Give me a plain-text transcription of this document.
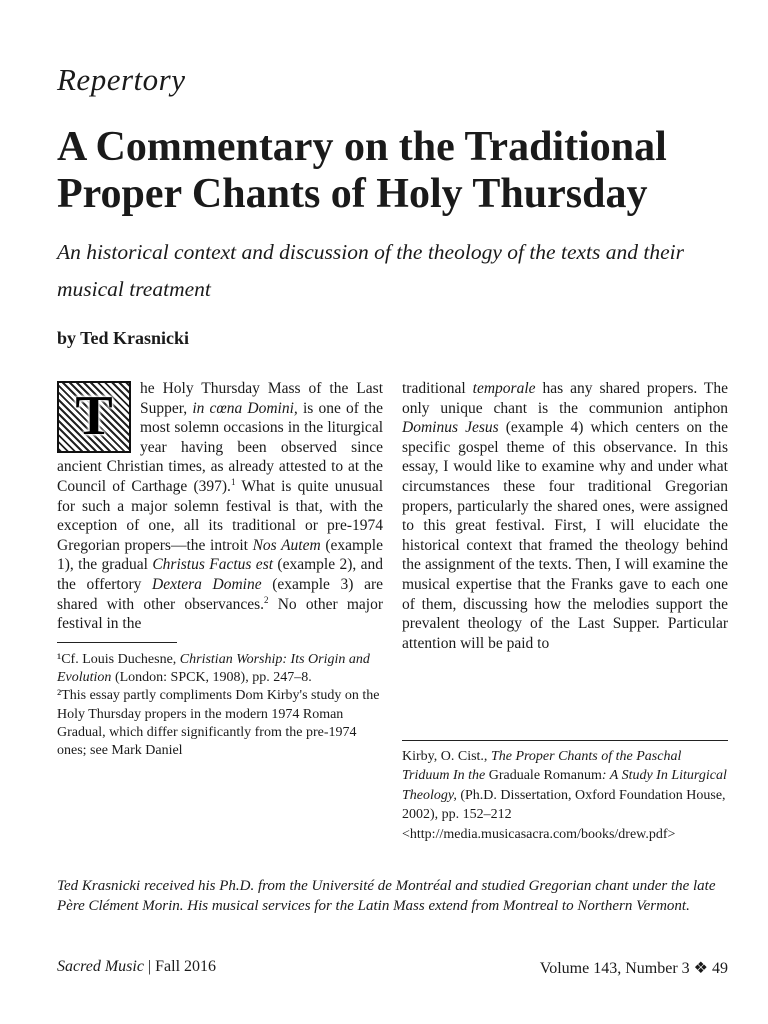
Repertory
A Commentary on the Traditional Proper Chants of Holy Thursday

An historical context and discussion of the theology of the texts and their musical treatment

by Ted Krasnicki
T	he Holy Thursday Mass of the Last Supper, in cœna Domini, is one of the most solemn occasions in the liturgical year having been observed since ancient Christian times, as already attested to at the Council of Carthage (397).$^1$ What is quite unusual for such a major solemn festival is that, with the exception of one, all its traditional or pre-1974 Gregorian propers—the introit Nos Autem (example 1), the gradual Christus Factus est (example 2), and the offertory Dextera Domine (example 3) are shared with other observances.$^2$ No other major festival in the

¹Cf. Louis Duchesne, Christian Worship: Its Origin and Evolution (London: SPCK, 1908), pp. 247–8.

²This essay partly compliments Dom Kirby's study on the Holy Thursday propers in the modern 1974 Roman Gradual, which differ significantly from the pre-1974 ones; see Mark Daniel

traditional temporale has any shared propers. The only unique chant is the communion antiphon Dominus Jesus (example 4) which centers on the specific gospel theme of this observance. In this essay, I would like to examine why and under what circumstances these four traditional Gregorian propers, particularly the shared ones, were assigned to this great festival. First, I will elucidate the historical context that framed the theology behind the assignment of the texts. Then, I will examine the musical expertise that the Franks gave to each one of them, discussing how the melodies support the prevalent theology of the Last Supper. Particular attention will be paid to

Kirby, O. Cist., The Proper Chants of the Paschal Triduum In the Graduale Romanum: A Study In Liturgical Theology, (Ph.D. Dissertation, Oxford Foundation House, 2002), pp. 152–212 <http://media.musicasacra.com/books/drew.pdf>

Ted Krasnicki received his Ph.D. from the Université de Montréal and studied Gregorian chant under the late Père Clément Morin. His musical services for the Latin Mass extend from Montreal to Northern Vermont.

Sacred Music | Fall 2016	Volume 143, Number 3 ❖ 49
